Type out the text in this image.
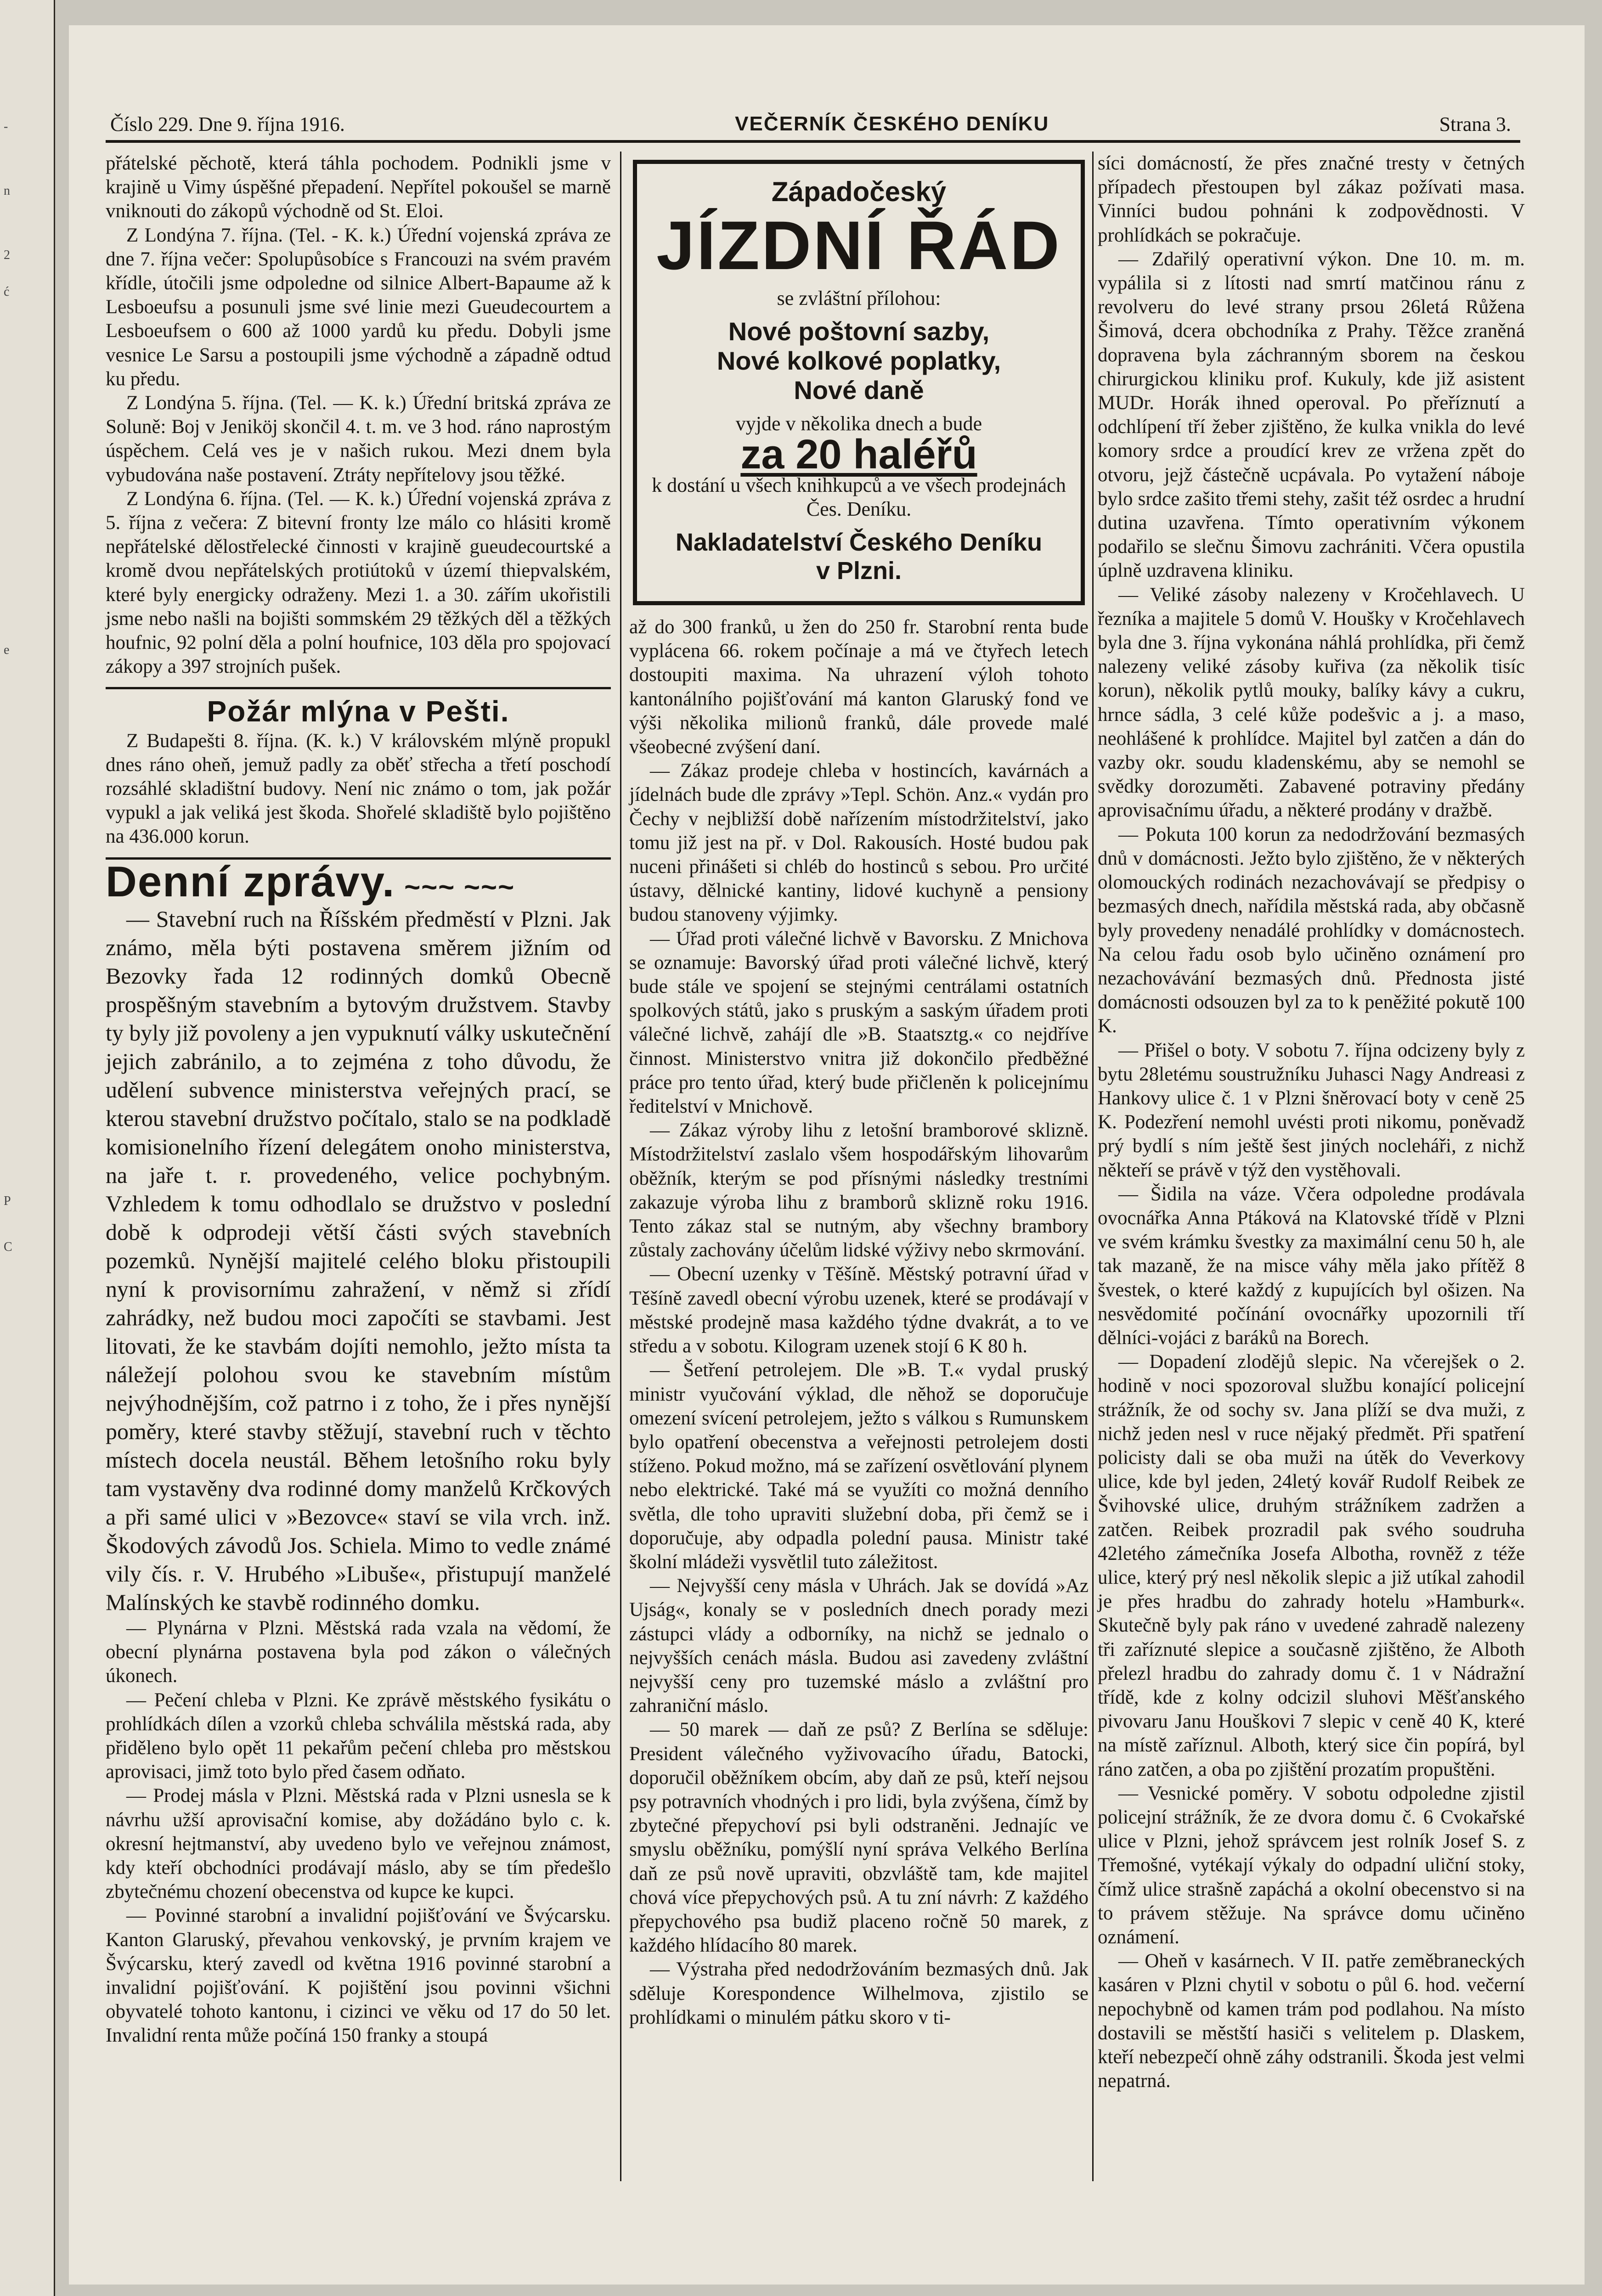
-
n
2
ć
e
P
C
Číslo 229. Dne 9. října 1916.	VEČERNÍK ČESKÉHO DENÍKU	Strana 3.

přátelské pěchotě, která táhla pochodem. Podnikli jsme v krajině u Vimy úspěšné přepadení. Nepřítel pokoušel se marně vniknouti do zákopů východně od St. Eloi.

Z Londýna 7. října. (Tel. - K. k.) Úřední vojenská zpráva ze dne 7. října večer: Spolupůsobíce s Francouzi na svém pravém křídle, útočili jsme odpoledne od silnice Albert-Bapaume až k Lesboeufsu a posunuli jsme své linie mezi Gueudecourtem a Lesboeufsem o 600 až 1000 yardů ku předu. Dobyli jsme vesnice Le Sarsu a postoupili jsme východně a západně odtud ku předu.

Z Londýna 5. října. (Tel. — K. k.) Úřední britská zpráva ze Soluně: Boj v Jeniköj skončil 4. t. m. ve 3 hod. ráno naprostým úspěchem. Celá ves je v našich rukou. Mezi dnem byla vybudována naše postavení. Ztráty nepřítelovy jsou těžké.

Z Londýna 6. října. (Tel. — K. k.) Úřední vojenská zpráva z 5. října z večera: Z bitevní fronty lze málo co hlásiti kromě nepřátelské dělostřelecké činnosti v krajině gueudecourtské a kromě dvou nepřátelských protiútoků v území thiepvalském, které byly energicky odraženy. Mezi 1. a 30. zářím ukořistili jsme nebo našli na bojišti sommském 29 těžkých děl a těžkých houfnic, 92 polní děla a polní houfnice, 103 děla pro spojovací zákopy a 397 strojních pušek.

Požár mlýna v Pešti.

Z Budapešti 8. října. (K. k.) V královském mlýně propukl dnes ráno oheň, jemuž padly za oběť střecha a třetí poschodí rozsáhlé skladištní budovy. Není nic známo o tom, jak požár vypukl a jak veliká jest škoda. Shořelé skladiště bylo pojištěno na 436.000 korun.

Denní zprávy. ~~~ ~~~

— Stavební ruch na Říšském předměstí v Plzni. Jak známo, měla býti postavena směrem jižním od Bezovky řada 12 rodinných domků Obecně prospěšným stavebním a bytovým družstvem. Stavby ty byly již povoleny a jen vypuknutí války uskutečnění jejich zabránilo, a to zejména z toho důvodu, že udělení subvence ministerstva veřejných prací, se kterou stavební družstvo počítalo, stalo se na podkladě komisionelního řízení delegátem onoho ministerstva, na jaře t. r. provedeného, velice pochybným. Vzhledem k tomu odhodlalo se družstvo v poslední době k odprodeji větší části svých stavebních pozemků. Nynější majitelé celého bloku přistoupili nyní k provisornímu zahražení, v němž si zřídí zahrádky, než budou moci započíti se stavbami. Jest litovati, že ke stavbám dojíti nemohlo, ježto místa ta náležejí polohou svou ke stavebním místům nejvýhodnějším, což patrno i z toho, že i přes nynější poměry, které stavby stěžují, stavební ruch v těchto místech docela neustál. Během letošního roku byly tam vystavěny dva rodinné domy manželů Krčkových a při samé ulici v »Bezovce« staví se vila vrch. inž. Škodových závodů Jos. Schiela. Mimo to vedle známé vily čís. r. V. Hrubého »Libuše«, přistupují manželé Malínských ke stavbě rodinného domku.

— Plynárna v Plzni. Městská rada vzala na vědomí, že obecní plynárna postavena byla pod zákon o válečných úkonech.

— Pečení chleba v Plzni. Ke zprávě městského fysikátu o prohlídkách dílen a vzorků chleba schválila městská rada, aby přiděleno bylo opět 11 pekařům pečení chleba pro městskou aprovisaci, jimž toto bylo před časem odňato.

— Prodej másla v Plzni. Městská rada v Plzni usnesla se k návrhu užší aprovisační komise, aby dožádáno bylo c. k. okresní hejtmanství, aby uvedeno bylo ve veřejnou známost, kdy kteří obchodníci prodávají máslo, aby se tím předešlo zbytečnému chození obecenstva od kupce ke kupci.

— Povinné starobní a invalidní pojišťování ve Švýcarsku. Kanton Glaruský, převahou venkovský, je prvním krajem ve Švýcarsku, který zavedl od května 1916 povinné starobní a invalidní pojišťování. K pojištění jsou povinni všichni obyvatelé tohoto kantonu, i cizinci ve věku od 17 do 50 let. Invalidní renta může počíná 150 franky a stoupá

Západočeský
JÍZDNÍ ŘÁD
se zvláštní přílohou:
Nové poštovní sazby,
Nové kolkové poplatky,
Nové daně
vyjde v několika dnech a bude
za 20 haléřů
k dostání u všech knihkupců a ve všech prodejnách Čes. Deníku.
Nakladatelství Českého Deníku
v Plzni.

až do 300 franků, u žen do 250 fr. Starobní renta bude vyplácena 66. rokem počínaje a má ve čtyřech letech dostoupiti maxima. Na uhrazení výloh tohoto kantonálního pojišťování má kanton Glaruský fond ve výši několika milionů franků, dále provede malé všeobecné zvýšení daní.

— Zákaz prodeje chleba v hostincích, kavárnách a jídelnách bude dle zprávy »Tepl. Schön. Anz.« vydán pro Čechy v nejbližší době nařízením místodržitelství, jako tomu již jest na př. v Dol. Rakousích. Hosté budou pak nuceni přinášeti si chléb do hostinců s sebou. Pro určité ústavy, dělnické kantiny, lidové kuchyně a pensiony budou stanoveny výjimky.

— Úřad proti válečné lichvě v Bavorsku. Z Mnichova se oznamuje: Bavorský úřad proti válečné lichvě, který bude stále ve spojení se stejnými centrálami ostatních spolkových států, jako s pruským a saským úřadem proti válečné lichvě, zahájí dle »B. Staatsztg.« co nejdříve činnost. Ministerstvo vnitra již dokončilo předběžné práce pro tento úřad, který bude přičleněn k policejnímu ředitelství v Mnichově.

— Zákaz výroby lihu z letošní bramborové sklizně. Místodržitelství zaslalo všem hospodářským lihovarům oběžník, kterým se pod přísnými následky trestními zakazuje výroba lihu z bramborů sklizně roku 1916. Tento zákaz stal se nutným, aby všechny brambory zůstaly zachovány účelům lidské výživy nebo skrmování.

— Obecní uzenky v Těšíně. Městský potravní úřad v Těšíně zavedl obecní výrobu uzenek, které se prodávají v městské prodejně masa každého týdne dvakrát, a to ve středu a v sobotu. Kilogram uzenek stojí 6 K 80 h.

— Šetření petrolejem. Dle »B. T.« vydal pruský ministr vyučování výklad, dle něhož se doporučuje omezení svícení petrolejem, ježto s válkou s Rumunskem bylo opatření obecenstva a veřejnosti petrolejem dosti stíženo. Pokud možno, má se zařízení osvětlování plynem nebo elektrické. Také má se využíti co možná denního světla, dle toho upraviti služební doba, při čemž se i doporučuje, aby odpadla polední pausa. Ministr také školní mládeži vysvětlil tuto záležitost.

— Nejvyšší ceny másla v Uhrách. Jak se dovídá »Az Ujság«, konaly se v posledních dnech porady mezi zástupci vlády a odborníky, na nichž se jednalo o nejvyšších cenách másla. Budou asi zavedeny zvláštní nejvyšší ceny pro tuzemské máslo a zvláštní pro zahraniční máslo.

— 50 marek — daň ze psů? Z Berlína se sděluje: President válečného vyživovacího úřadu, Batocki, doporučil oběžníkem obcím, aby daň ze psů, kteří nejsou psy potravních vhodných i pro lidi, byla zvýšena, čímž by zbytečné přepychoví psi byli odstraněni. Jednajíc ve smyslu oběžníku, pomýšlí nyní správa Velkého Berlína daň ze psů nově upraviti, obzvláště tam, kde majitel chová více přepychových psů. A tu zní návrh: Z každého přepychového psa budiž placeno ročně 50 marek, z každého hlídacího 80 marek.

— Výstraha před nedodržováním bezmasých dnů. Jak sděluje Korespondence Wilhelmova, zjistilo se prohlídkami o minulém pátku skoro v ti-

síci domácností, že přes značné tresty v četných případech přestoupen byl zákaz požívati masa. Vinníci budou pohnáni k zodpovědnosti. V prohlídkách se pokračuje.

— Zdařilý operativní výkon. Dne 10. m. m. vypálila si z lítosti nad smrtí matčinou ránu z revolveru do levé strany prsou 26letá Růžena Šimová, dcera obchodníka z Prahy. Těžce zraněná dopravena byla záchranným sborem na českou chirurgickou kliniku prof. Kukuly, kde již asistent MUDr. Horák ihned operoval. Po přeříznutí a odchlípení tří žeber zjištěno, že kulka vnikla do levé komory srdce a proudící krev ze vržena zpět do otvoru, jejž částečně ucpávala. Po vytažení náboje bylo srdce zašito třemi stehy, zašit též osrdec a hrudní dutina uzavřena. Tímto operativním výkonem podařilo se slečnu Šimovu zachrániti. Včera opustila úplně uzdravena kliniku.

— Veliké zásoby nalezeny v Kročehlavech. U řezníka a majitele 5 domů V. Houšky v Kročehlavech byla dne 3. října vykonána náhlá prohlídka, při čemž nalezeny veliké zásoby kuřiva (za několik tisíc korun), několik pytlů mouky, balíky kávy a cukru, hrnce sádla, 3 celé kůže podešvic a j. a maso, neohlášené k prohlídce. Majitel byl zatčen a dán do vazby okr. soudu kladenskému, aby se nemohl se svědky dorozuměti. Zabavené potraviny předány aprovisačnímu úřadu, a některé prodány v dražbě.

— Pokuta 100 korun za nedodržování bezmasých dnů v domácnosti. Ježto bylo zjištěno, že v některých olomouckých rodinách nezachovávají se předpisy o bezmasých dnech, nařídila městská rada, aby občasně byly provedeny nenadálé prohlídky v domácnostech. Na celou řadu osob bylo učiněno oznámení pro nezachovávání bezmasých dnů. Přednosta jisté domácnosti odsouzen byl za to k peněžité pokutě 100 K.

— Přišel o boty. V sobotu 7. října odcizeny byly z bytu 28letému soustružníku Juhasci Nagy Andreasi z Hankovy ulice č. 1 v Plzni šněrovací boty v ceně 25 K. Podezření nemohl uvésti proti nikomu, poněvadž prý bydlí s ním ještě šest jiných nocleháři, z nichž někteří se právě v týž den vystěhovali.

— Šidila na váze. Včera odpoledne prodávala ovocnářka Anna Ptáková na Klatovské třídě v Plzni ve svém krámku švestky za maximální cenu 50 h, ale tak mazaně, že na misce váhy měla jako přítěž 8 švestek, o které každý z kupujících byl ošizen. Na nesvědomité počínání ovocnářky upozornili tří dělníci-vojáci z baráků na Borech.

— Dopadení zlodějů slepic. Na včerejšek o 2. hodině v noci spozoroval službu konající policejní strážník, že od sochy sv. Jana plíží se dva muži, z nichž jeden nesl v ruce nějaký předmět. Při spatření policisty dali se oba muži na útěk do Veverkovy ulice, kde byl jeden, 24letý kovář Rudolf Reibek ze Švihovské ulice, druhým strážníkem zadržen a zatčen. Reibek prozradil pak svého soudruha 42letého zámečníka Josefa Albotha, rovněž z téže ulice, který prý nesl několik slepic a již utíkal zahodil je přes hradbu do zahrady hotelu »Hamburk«. Skutečně byly pak ráno v uvedené zahradě nalezeny tři zaříznuté slepice a současně zjištěno, že Alboth přelezl hradbu do zahrady domu č. 1 v Nádražní třídě, kde z kolny odcizil sluhovi Měšťanského pivovaru Janu Houškovi 7 slepic v ceně 40 K, které na místě zaříznul. Alboth, který sice čin popírá, byl ráno zatčen, a oba po zjištění prozatím propuštěni.

— Vesnické poměry. V sobotu odpoledne zjistil policejní strážník, že ze dvora domu č. 6 Cvokařské ulice v Plzni, jehož správcem jest rolník Josef S. z Třemošné, vytékají výkaly do odpadní uliční stoky, čímž ulice strašně zapáchá a okolní obecenstvo si na to právem stěžuje. Na správce domu učiněno oznámení.

— Oheň v kasárnech. V II. patře zeměbraneckých kasáren v Plzni chytil v sobotu o půl 6. hod. večerní nepochybně od kamen trám pod podlahou. Na místo dostavili se městští hasiči s velitelem p. Dlaskem, kteří nebezpečí ohně záhy odstranili. Škoda jest velmi nepatrná.
